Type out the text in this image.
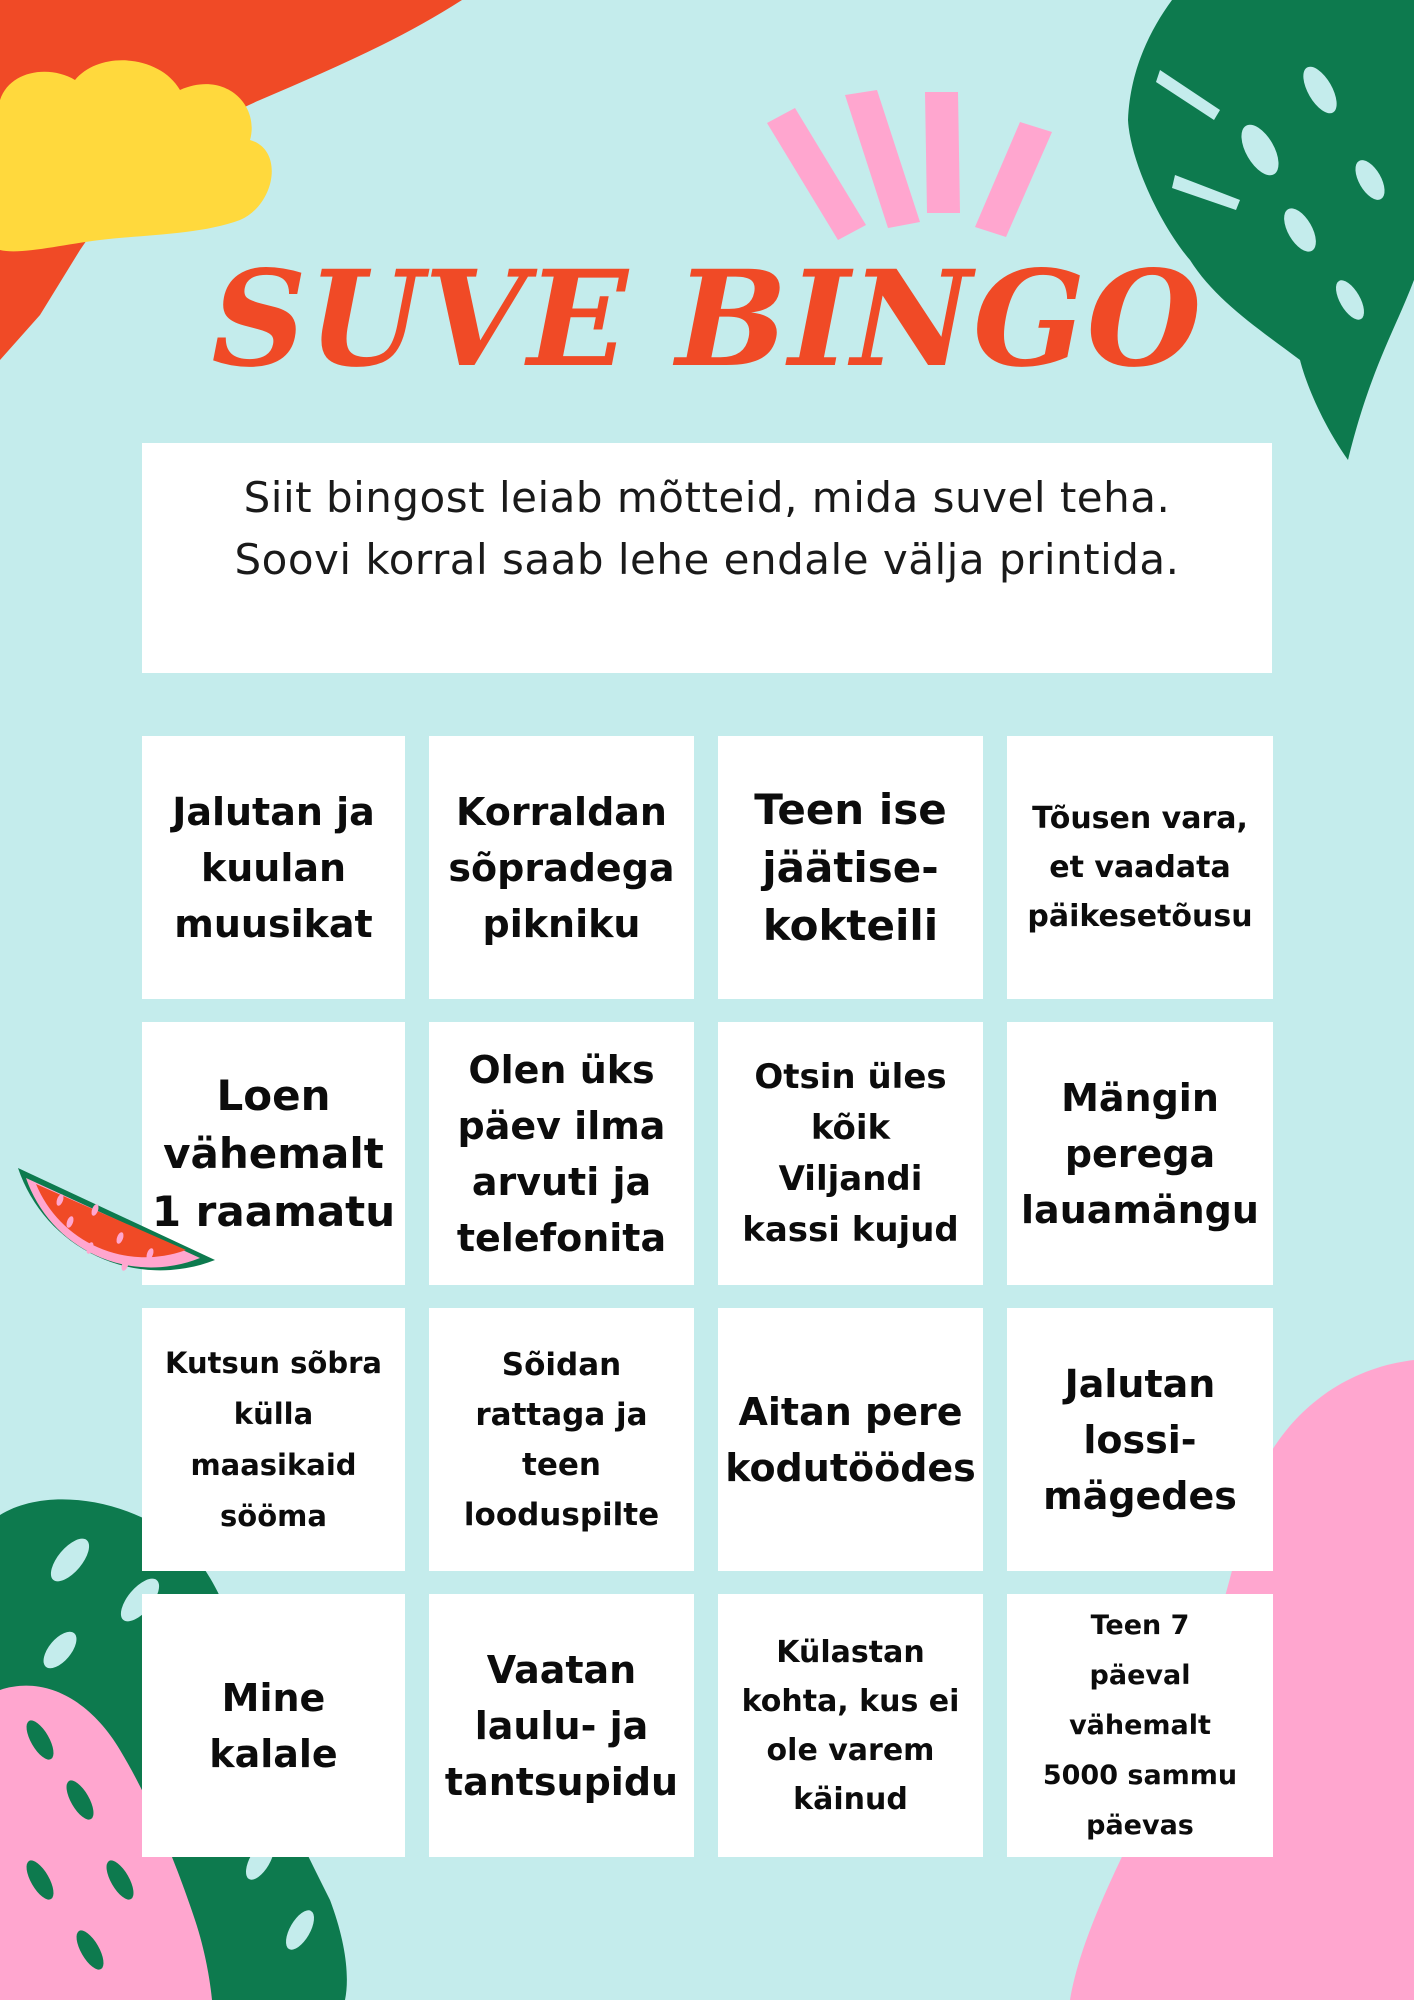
SUVE BINGO
Siit bingost leiab mõtteid, mida suvel teha.
Soovi korral saab lehe endale välja printida.
Jalutan ja
kuulan
muusikat
Korraldan
sõpradega
pikniku
Teen ise
jäätise-
kokteili
Tõusen vara,
et vaadata
päikesetõusu
Loen
vähemalt
1 raamatu
Olen üks
päev ilma
arvuti ja
telefonita
Otsin üles
kõik
Viljandi
kassi kujud
Mängin
perega
lauamängu
Kutsun sõbra
külla
maasikaid
sööma
Sõidan
rattaga ja
teen
looduspilte
Aitan pere
kodutöödes
Jalutan
lossi-
mägedes
Mine
kalale
Vaatan
laulu- ja
tantsupidu
Külastan
kohta, kus ei
ole varem
käinud
Teen 7
päeval
vähemalt
5000 sammu
päevas
